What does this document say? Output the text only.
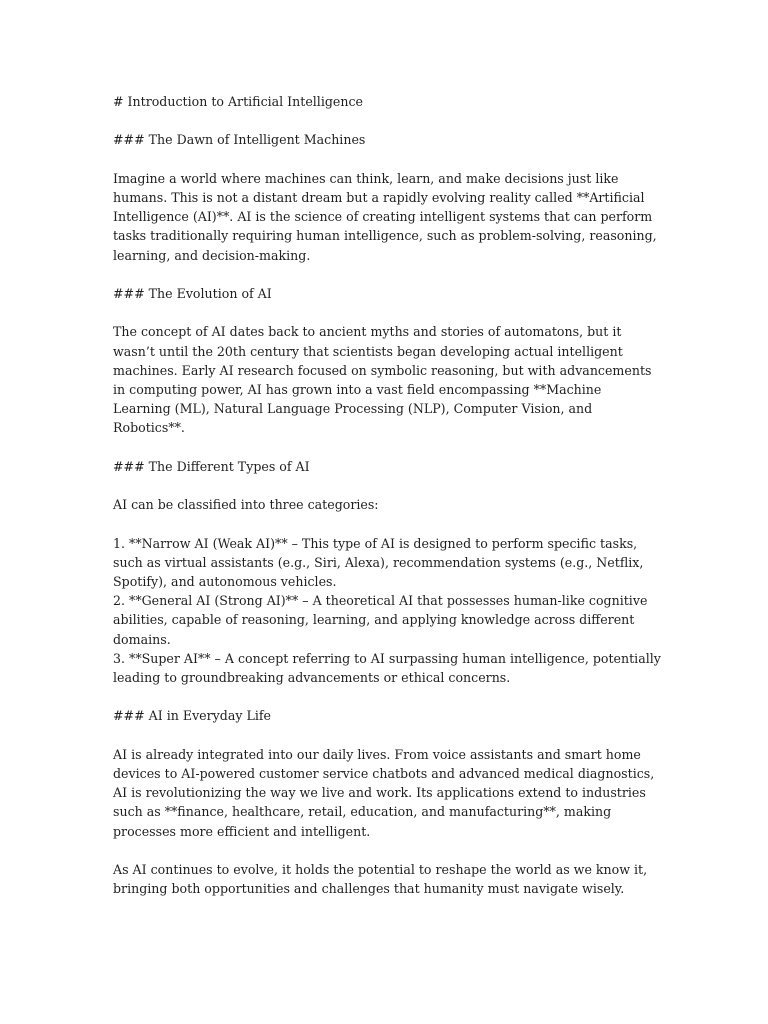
# Introduction to Artificial Intelligence

### The Dawn of Intelligent Machines

Imagine a world where machines can think, learn, and make decisions just like humans. This is not a distant dream but a rapidly evolving reality called **Artificial Intelligence (AI)**. AI is the science of creating intelligent systems that can perform tasks traditionally requiring human intelligence, such as problem-solving, reasoning, learning, and decision-making.

### The Evolution of AI

The concept of AI dates back to ancient myths and stories of automatons, but it wasn’t until the 20th century that scientists began developing actual intelligent machines. Early AI research focused on symbolic reasoning, but with advancements in computing power, AI has grown into a vast field encompassing **Machine Learning (ML), Natural Language Processing (NLP), Computer Vision, and Robotics**.

### The Different Types of AI

AI can be classified into three categories:

1. **Narrow AI (Weak AI)** – This type of AI is designed to perform specific tasks, such as virtual assistants (e.g., Siri, Alexa), recommendation systems (e.g., Netflix, Spotify), and autonomous vehicles.
2. **General AI (Strong AI)** – A theoretical AI that possesses human-like cognitive abilities, capable of reasoning, learning, and applying knowledge across different domains.
3. **Super AI** – A concept referring to AI surpassing human intelligence, potentially leading to groundbreaking advancements or ethical concerns.

### AI in Everyday Life

AI is already integrated into our daily lives. From voice assistants and smart home devices to AI-powered customer service chatbots and advanced medical diagnostics, AI is revolutionizing the way we live and work. Its applications extend to industries such as **finance, healthcare, retail, education, and manufacturing**, making processes more efficient and intelligent.

As AI continues to evolve, it holds the potential to reshape the world as we know it, bringing both opportunities and challenges that humanity must navigate wisely.
